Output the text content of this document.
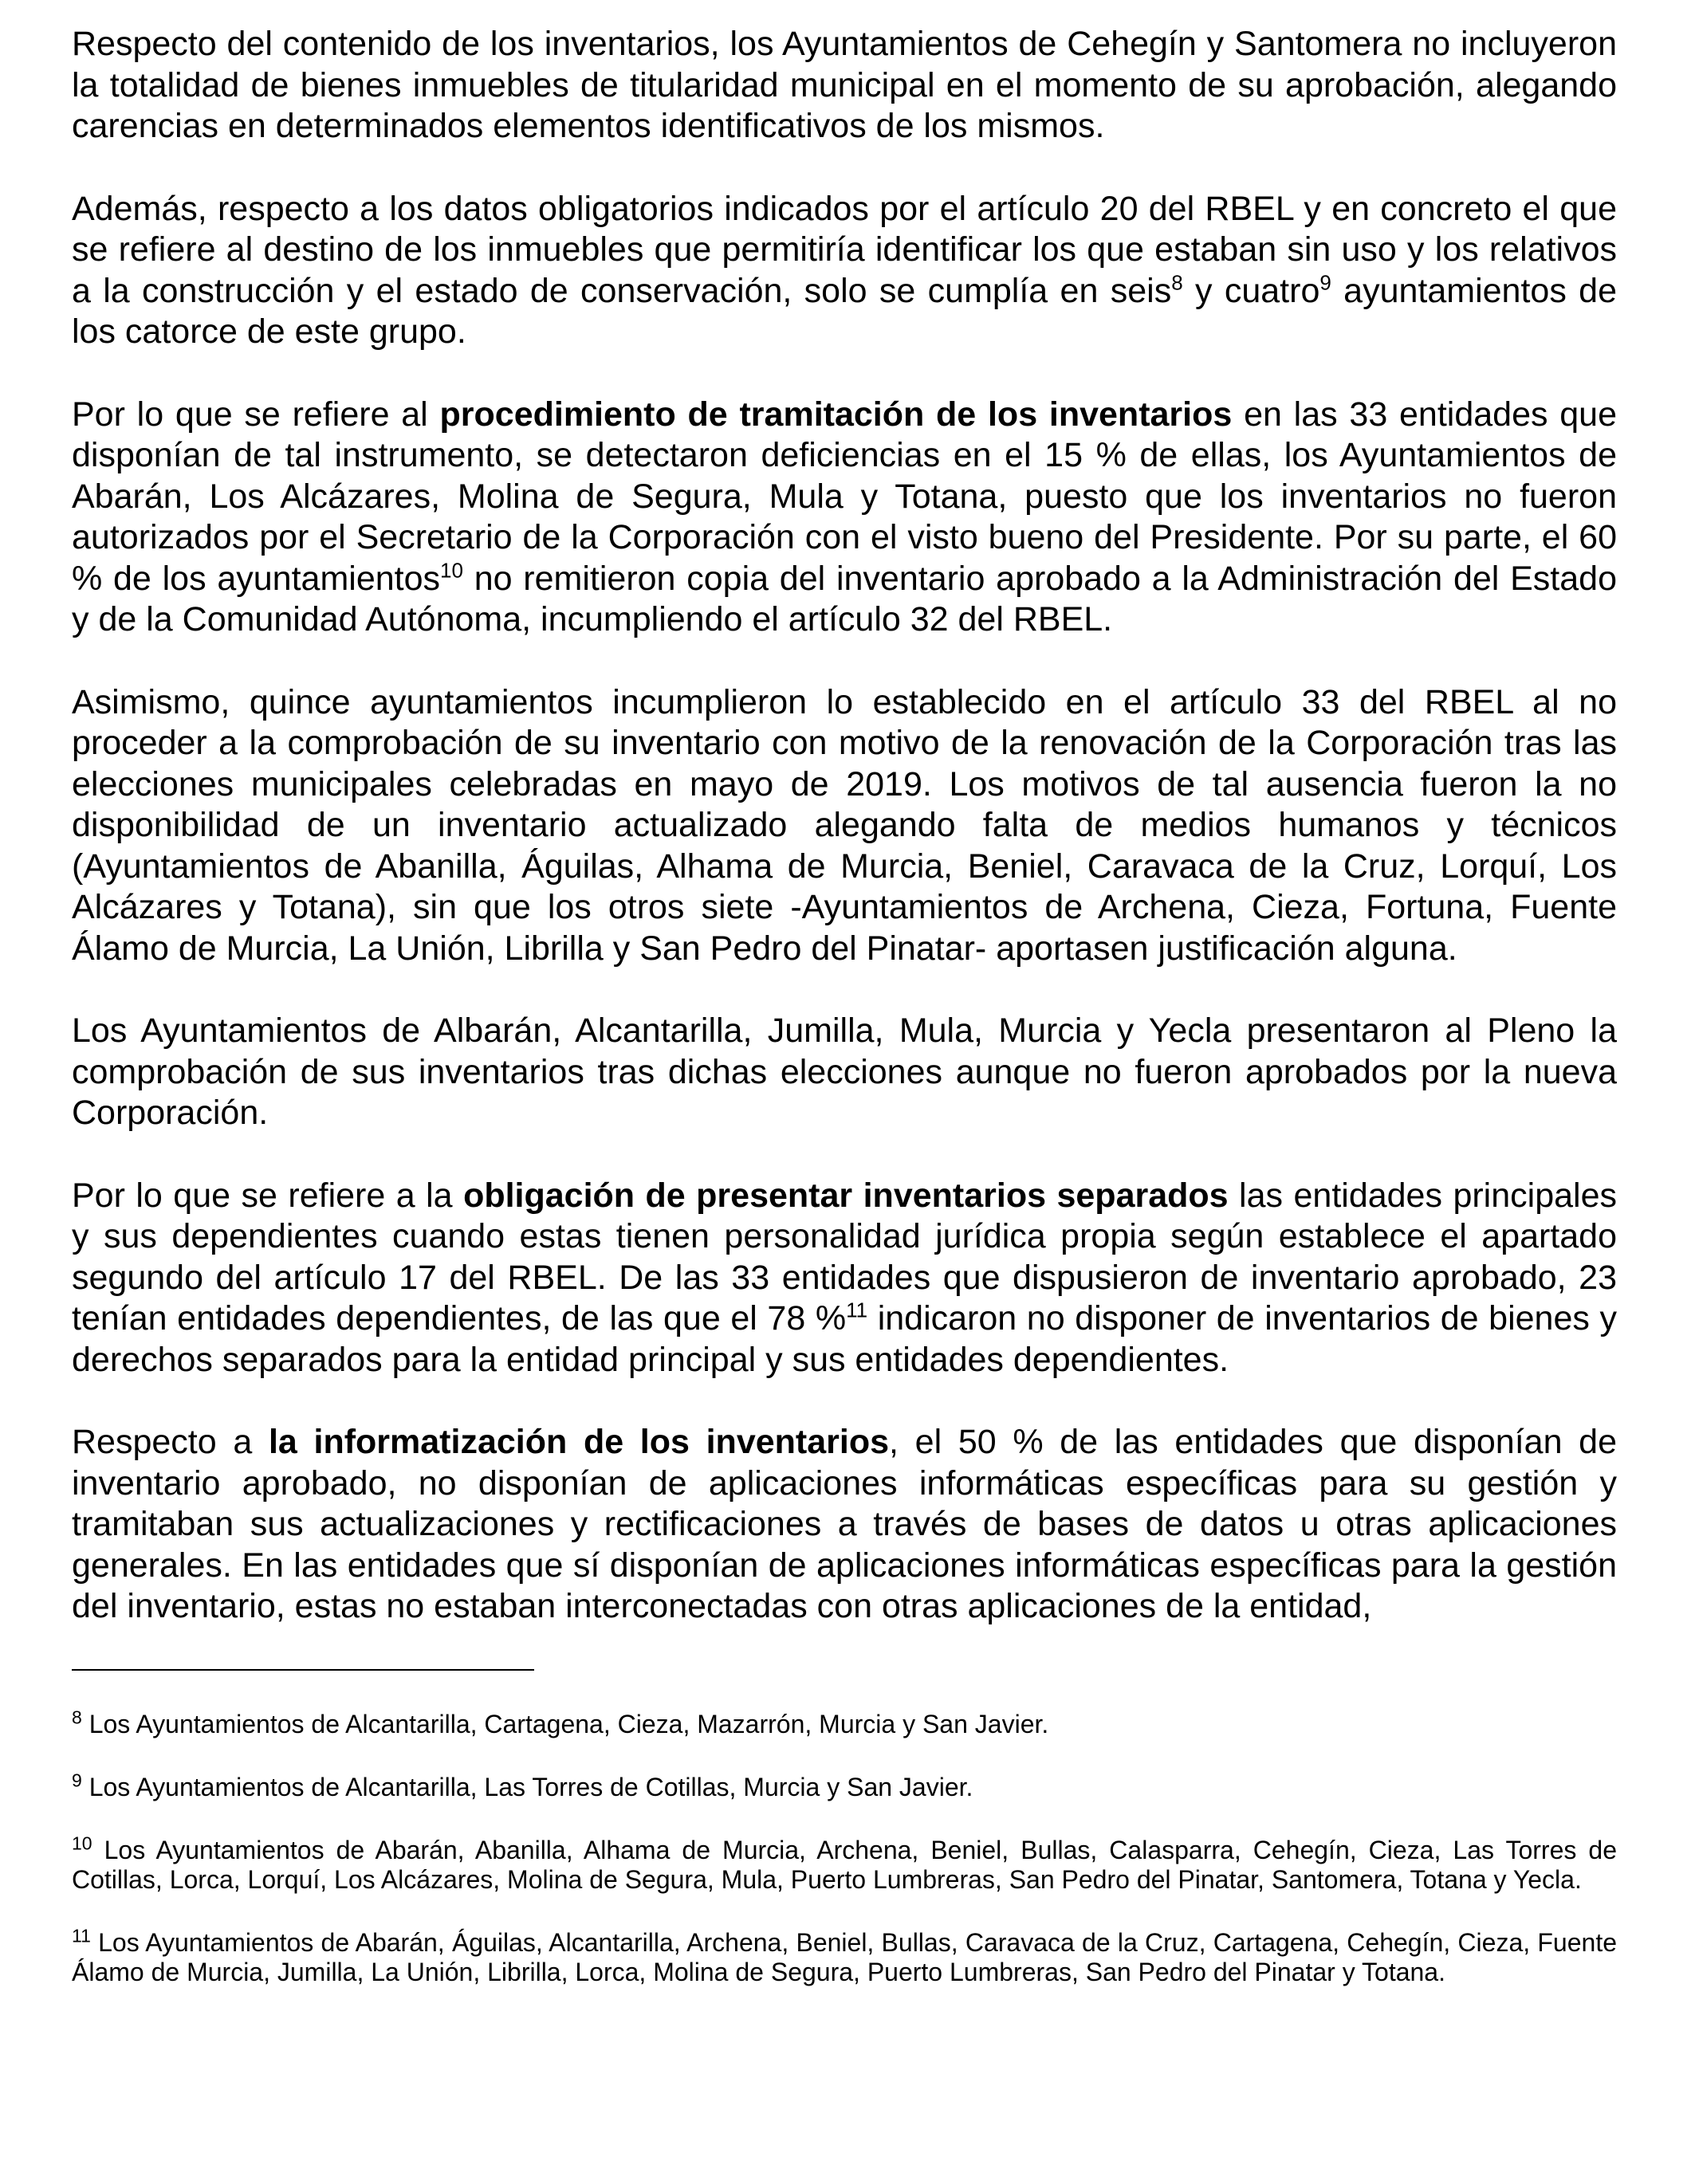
Respecto del contenido de los inventarios, los Ayuntamientos de Cehegín y Santomera no incluyeron la totalidad de bienes inmuebles de titularidad municipal en el momento de su aprobación, alegando carencias en determinados elementos identificativos de los mismos.

Además, respecto a los datos obligatorios indicados por el artículo 20 del RBEL y en concreto el que se refiere al destino de los inmuebles que permitiría identificar los que estaban sin uso y los relativos a la construcción y el estado de conservación, solo se cumplía en seis$^8$ y cuatro$^9$ ayuntamientos de los catorce de este grupo.

Por lo que se refiere al procedimiento de tramitación de los inventarios en las 33 entidades que disponían de tal instrumento, se detectaron deficiencias en el 15 % de ellas, los Ayuntamientos de Abarán, Los Alcázares, Molina de Segura, Mula y Totana, puesto que los inventarios no fueron autorizados por el Secretario de la Corporación con el visto bueno del Presidente. Por su parte, el 60 % de los ayuntamientos$^{10}$ no remitieron copia del inventario aprobado a la Administración del Estado y de la Comunidad Autónoma, incumpliendo el artículo 32 del RBEL.

Asimismo, quince ayuntamientos incumplieron lo establecido en el artículo 33 del RBEL al no proceder a la comprobación de su inventario con motivo de la renovación de la Corporación tras las elecciones municipales celebradas en mayo de 2019. Los motivos de tal ausencia fueron la no disponibilidad de un inventario actualizado alegando falta de medios humanos y técnicos (Ayuntamientos de Abanilla, Águilas, Alhama de Murcia, Beniel, Caravaca de la Cruz, Lorquí, Los Alcázares y Totana), sin que los otros siete -Ayuntamientos de Archena, Cieza, Fortuna, Fuente Álamo de Murcia, La Unión, Librilla y San Pedro del Pinatar- aportasen justificación alguna.

Los Ayuntamientos de Albarán, Alcantarilla, Jumilla, Mula, Murcia y Yecla presentaron al Pleno la comprobación de sus inventarios tras dichas elecciones aunque no fueron aprobados por la nueva Corporación.

Por lo que se refiere a la obligación de presentar inventarios separados las entidades principales y sus dependientes cuando estas tienen personalidad jurídica propia según establece el apartado segundo del artículo 17 del RBEL. De las 33 entidades que dispusieron de inventario aprobado, 23 tenían entidades dependientes, de las que el 78 %$^{11}$ indicaron no disponer de inventarios de bienes y derechos separados para la entidad principal y sus entidades dependientes.

Respecto a la informatización de los inventarios, el 50 % de las entidades que disponían de inventario aprobado, no disponían de aplicaciones informáticas específicas para su gestión y tramitaban sus actualizaciones y rectificaciones a través de bases de datos u otras aplicaciones generales. En las entidades que sí disponían de aplicaciones informáticas específicas para la gestión del inventario, estas no estaban interconectadas con otras aplicaciones de la entidad,

$^8$ Los Ayuntamientos de Alcantarilla, Cartagena, Cieza, Mazarrón, Murcia y San Javier.

$^9$ Los Ayuntamientos de Alcantarilla, Las Torres de Cotillas, Murcia y San Javier.

$^{10}$ Los Ayuntamientos de Abarán, Abanilla, Alhama de Murcia, Archena, Beniel, Bullas, Calasparra, Cehegín, Cieza, Las Torres de Cotillas, Lorca, Lorquí, Los Alcázares, Molina de Segura, Mula, Puerto Lumbreras, San Pedro del Pinatar, Santomera, Totana y Yecla.

$^{11}$ Los Ayuntamientos de Abarán, Águilas, Alcantarilla, Archena, Beniel, Bullas, Caravaca de la Cruz, Cartagena, Cehegín, Cieza, Fuente Álamo de Murcia, Jumilla, La Unión, Librilla, Lorca, Molina de Segura, Puerto Lumbreras, San Pedro del Pinatar y Totana.
